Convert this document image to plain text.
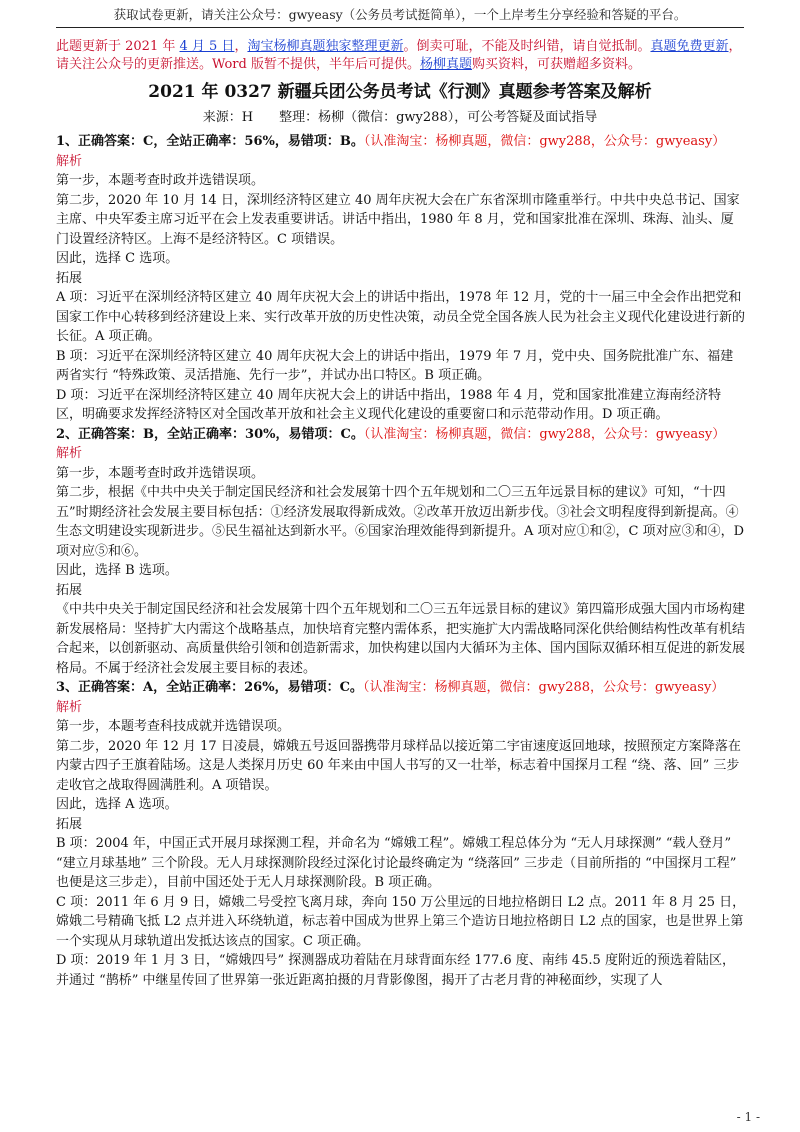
获取试卷更新，请关注公众号：gwyeasy（公务员考试挺简单），一个上岸考生分享经验和答疑的平台。
此题更新于 2021 年 4 月 5 日，淘宝杨柳真题独家整理更新。倒卖可耻，不能及时纠错，请自觉抵制。真题免费更新，请关注公众号的更新推送。Word 版暂不提供，半年后可提供。杨柳真题购买资料，可获赠超多资料。
2021 年 0327 新疆兵团公务员考试《行测》真题参考答案及解析
来源：H　　整理：杨柳（微信：gwy288），可公考答疑及面试指导

1、正确答案：C，全站正确率：56%，易错项：B。（认准淘宝：杨柳真题，微信：gwy288，公众号：gwyeasy）

解析

第一步，本题考查时政并选错误项。

第二步，2020 年 10 月 14 日，深圳经济特区建立 40 周年庆祝大会在广东省深圳市隆重举行。中共中央总书记、国家主席、中央军委主席习近平在会上发表重要讲话。讲话中指出，1980 年 8 月，党和国家批准在深圳、珠海、汕头、厦门设置经济特区。上海不是经济特区。C 项错误。

因此，选择 C 选项。

拓展

A 项：习近平在深圳经济特区建立 40 周年庆祝大会上的讲话中指出，1978 年 12 月，党的十一届三中全会作出把党和国家工作中心转移到经济建设上来、实行改革开放的历史性决策，动员全党全国各族人民为社会主义现代化建设进行新的长征。A 项正确。

B 项：习近平在深圳经济特区建立 40 周年庆祝大会上的讲话中指出，1979 年 7 月，党中央、国务院批准广东、福建两省实行 “特殊政策、灵活措施、先行一步”，并试办出口特区。B 项正确。

D 项：习近平在深圳经济特区建立 40 周年庆祝大会上的讲话中指出，1988 年 4 月，党和国家批准建立海南经济特区，明确要求发挥经济特区对全国改革开放和社会主义现代化建设的重要窗口和示范带动作用。D 项正确。

2、正确答案：B，全站正确率：30%，易错项：C。（认准淘宝：杨柳真题，微信：gwy288，公众号：gwyeasy）

解析

第一步，本题考查时政并选错误项。

第二步，根据《中共中央关于制定国民经济和社会发展第十四个五年规划和二〇三五年远景目标的建议》可知，“十四五”时期经济社会发展主要目标包括：①经济发展取得新成效。②改革开放迈出新步伐。③社会文明程度得到新提高。④生态文明建设实现新进步。⑤民生福祉达到新水平。⑥国家治理效能得到新提升。A 项对应①和②，C 项对应③和④，D 项对应⑤和⑥。

因此，选择 B 选项。

拓展

《中共中央关于制定国民经济和社会发展第十四个五年规划和二〇三五年远景目标的建议》第四篇形成强大国内市场构建新发展格局：坚持扩大内需这个战略基点，加快培育完整内需体系，把实施扩大内需战略同深化供给侧结构性改革有机结合起来，以创新驱动、高质量供给引领和创造新需求，加快构建以国内大循环为主体、国内国际双循环相互促进的新发展格局。不属于经济社会发展主要目标的表述。

3、正确答案：A，全站正确率：26%，易错项：C。（认准淘宝：杨柳真题，微信：gwy288，公众号：gwyeasy）

解析

第一步，本题考查科技成就并选错误项。

第二步，2020 年 12 月 17 日凌晨，嫦娥五号返回器携带月球样品以接近第二宇宙速度返回地球，按照预定方案降落在内蒙古四子王旗着陆场。这是人类探月历史 60 年来由中国人书写的又一壮举，标志着中国探月工程 “绕、落、回” 三步走收官之战取得圆满胜利。A 项错误。

因此，选择 A 选项。

拓展

B 项：2004 年，中国正式开展月球探测工程，并命名为 “嫦娥工程”。嫦娥工程总体分为 “无人月球探测” “载人登月” “建立月球基地” 三个阶段。无人月球探测阶段经过深化讨论最终确定为 “绕落回” 三步走（目前所指的 “中国探月工程” 也便是这三步走），目前中国还处于无人月球探测阶段。B 项正确。

C 项：2011 年 6 月 9 日，嫦娥二号受控飞离月球，奔向 150 万公里远的日地拉格朗日 L2 点。2011 年 8 月 25 日，嫦娥二号精确飞抵 L2 点并进入环绕轨道，标志着中国成为世界上第三个造访日地拉格朗日 L2 点的国家，也是世界上第一个实现从月球轨道出发抵达该点的国家。C 项正确。

D 项：2019 年 1 月 3 日，“嫦娥四号” 探测器成功着陆在月球背面东经 177.6 度、南纬 45.5 度附近的预选着陆区，并通过 “鹊桥” 中继星传回了世界第一张近距离拍摄的月背影像图，揭开了古老月背的神秘面纱，实现了人

- 1 -
